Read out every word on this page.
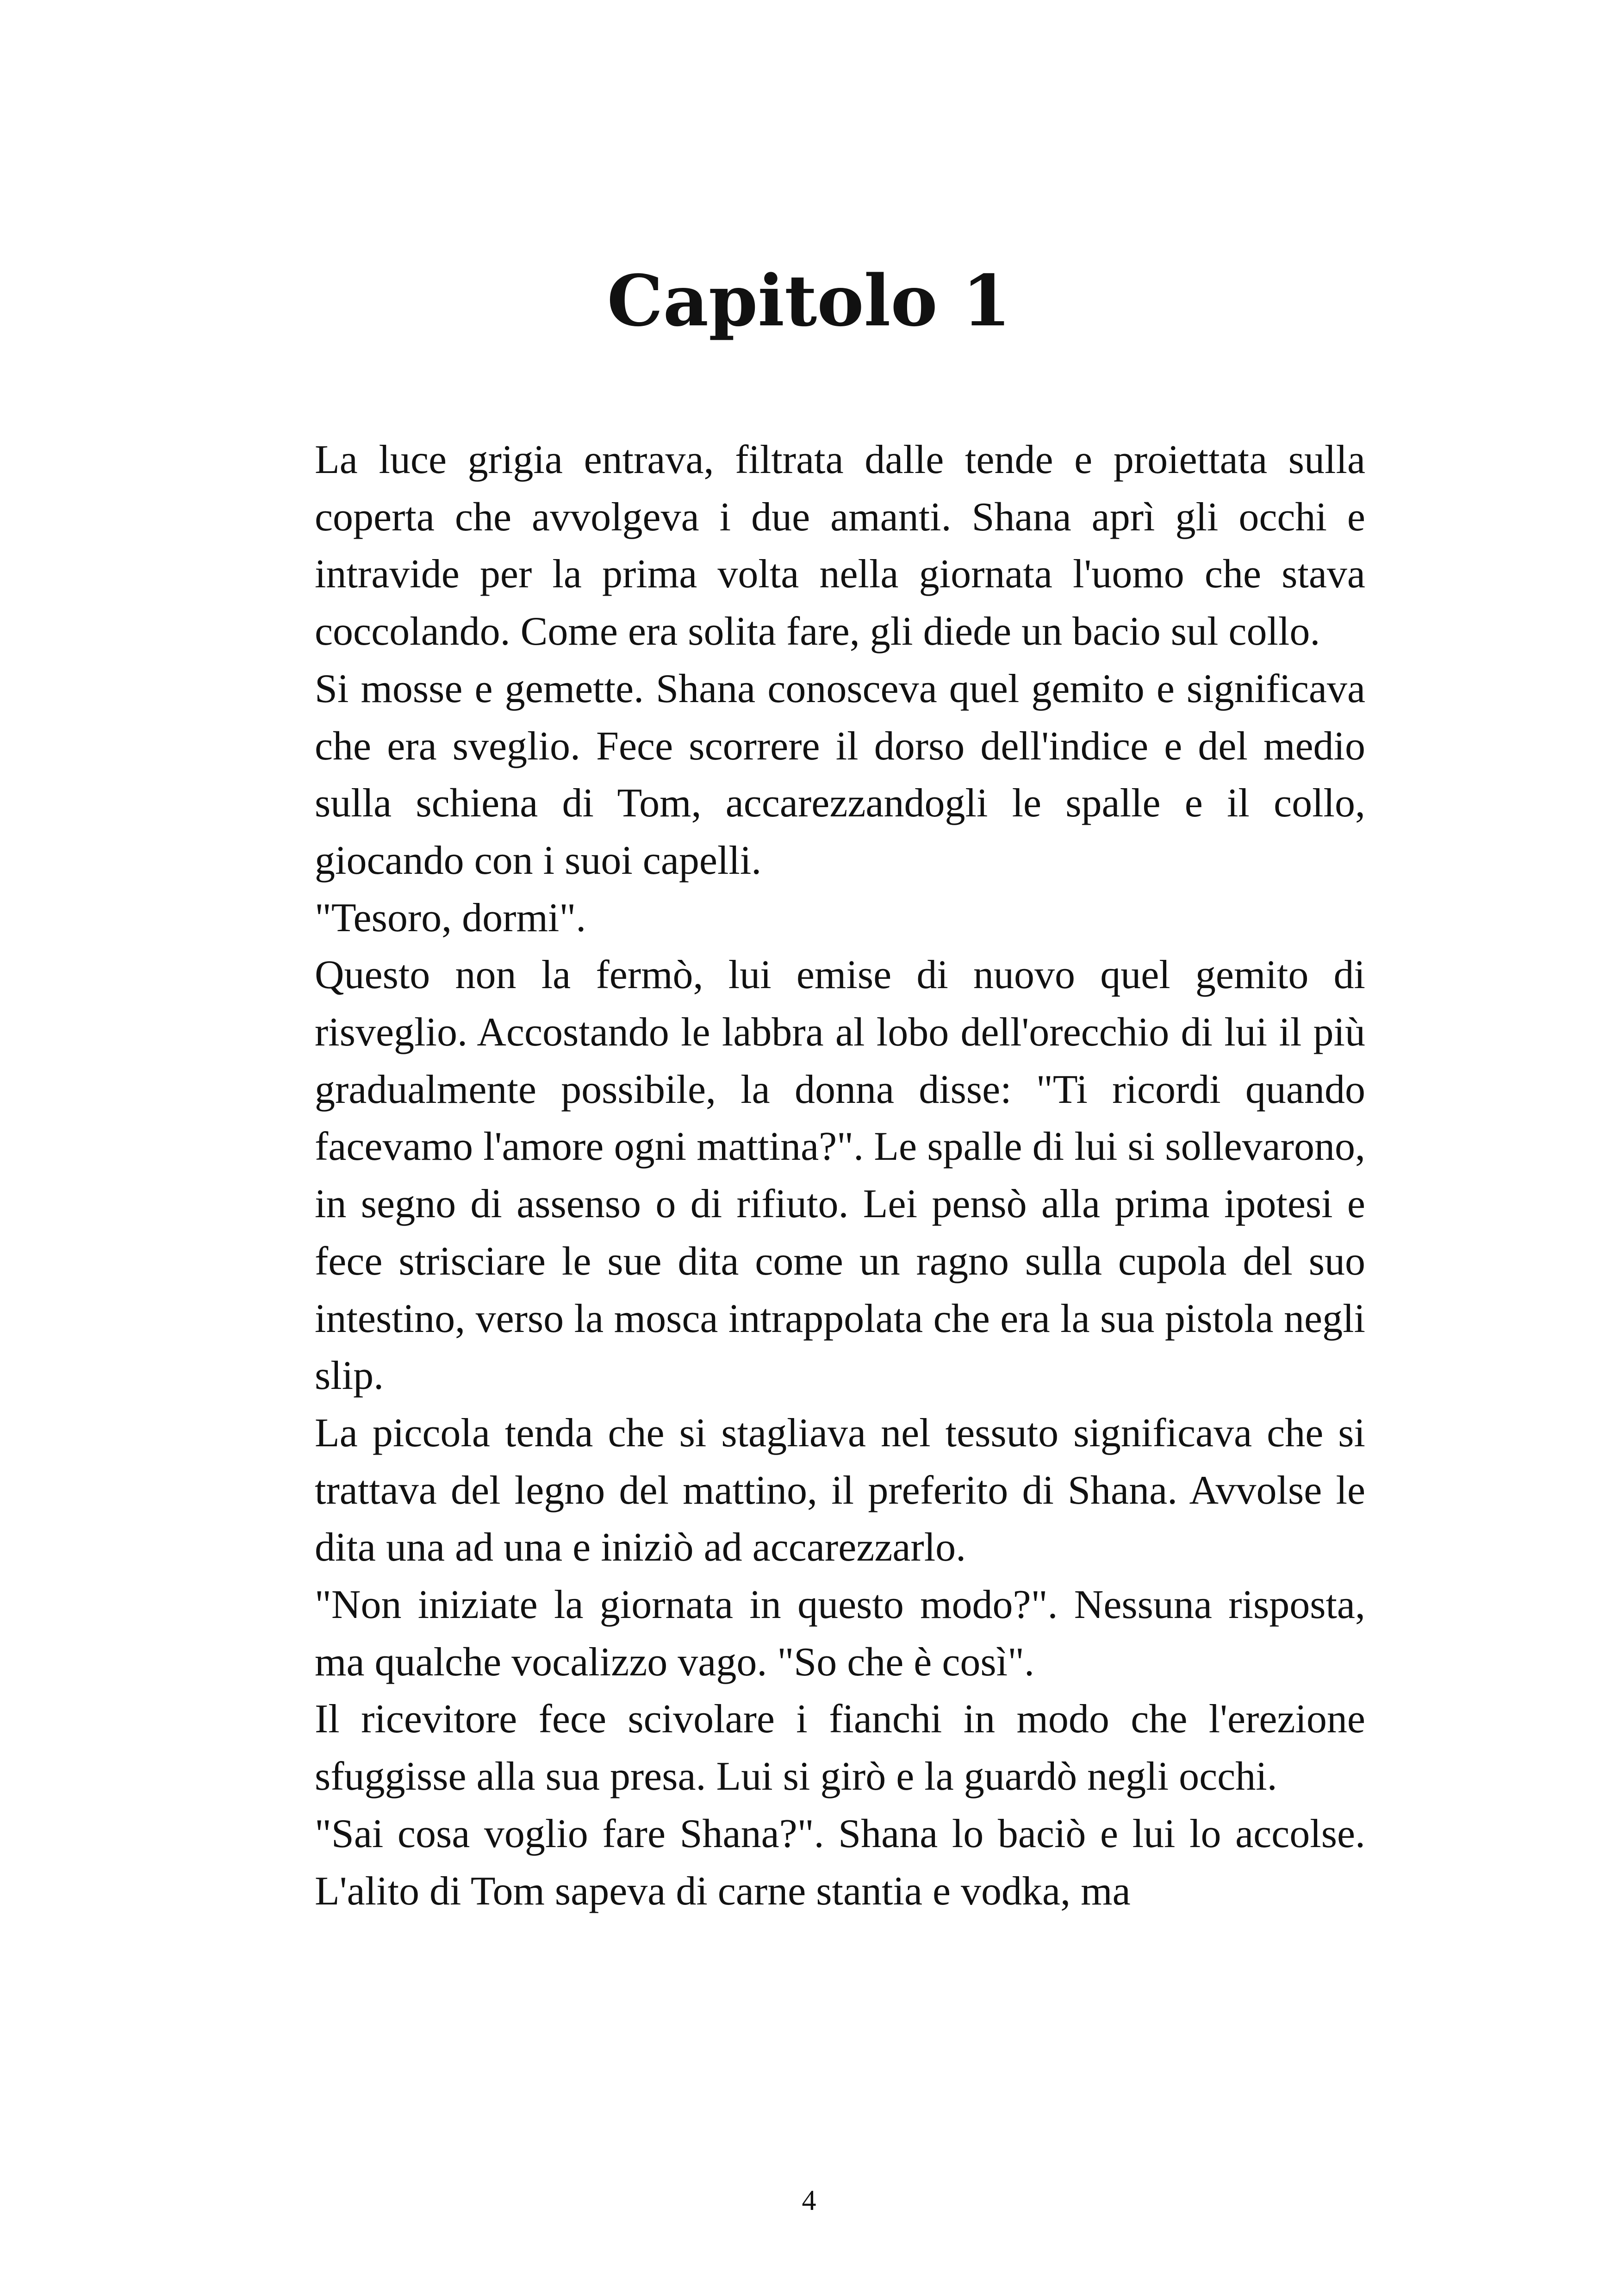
Capitolo 1

La luce grigia entrava, filtrata dalle tende e proiettata sulla coperta che avvolgeva i due amanti. Shana aprì gli occhi e intravide per la prima volta nella giornata l'uomo che stava coccolando. Come era solita fare, gli diede un bacio sul collo.

Si mosse e gemette. Shana conosceva quel gemito e significava che era sveglio. Fece scorrere il dorso dell'indice e del medio sulla schiena di Tom, accarezzandogli le spalle e il collo, giocando con i suoi capelli.

"Tesoro, dormi".

Questo non la fermò, lui emise di nuovo quel gemito di risveglio. Accostando le labbra al lobo dell'orecchio di lui il più gradualmente possibile, la donna disse: "Ti ricordi quando facevamo l'amore ogni mattina?". Le spalle di lui si sollevarono, in segno di assenso o di rifiuto. Lei pensò alla prima ipotesi e fece strisciare le sue dita come un ragno sulla cupola del suo intestino, verso la mosca intrappolata che era la sua pistola negli slip.

La piccola tenda che si stagliava nel tessuto significava che si trattava del legno del mattino, il preferito di Shana. Avvolse le dita una ad una e iniziò ad accarezzarlo.

"Non iniziate la giornata in questo modo?". Nessuna risposta, ma qualche vocalizzo vago. "So che è così".

Il ricevitore fece scivolare i fianchi in modo che l'erezione sfuggisse alla sua presa. Lui si girò e la guardò negli occhi.

"Sai cosa voglio fare Shana?". Shana lo baciò e lui lo accolse. L'alito di Tom sapeva di carne stantia e vodka, ma

4
